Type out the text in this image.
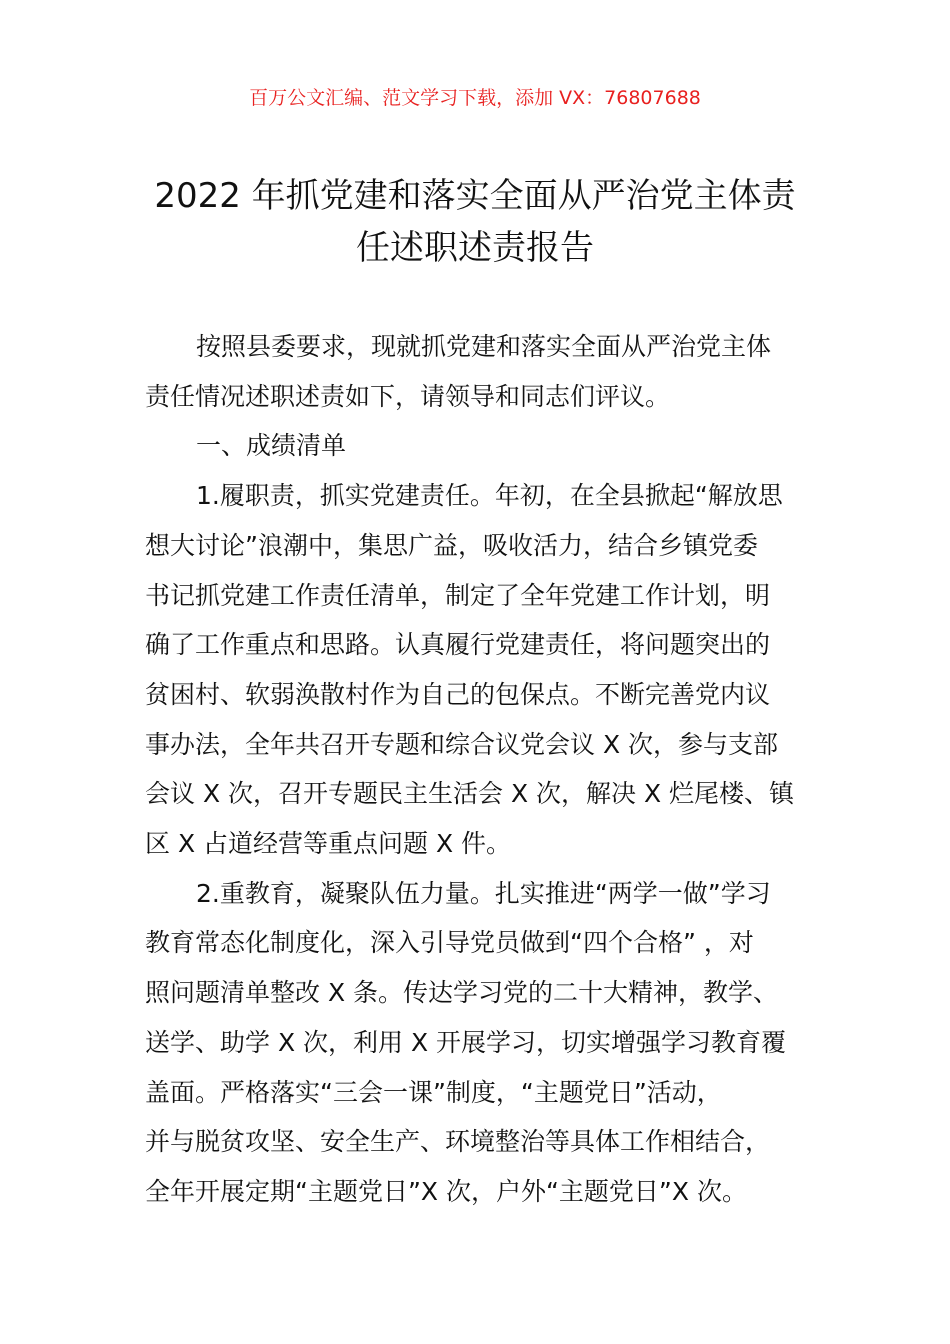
百万公文汇编、范文学习下载，添加 VX：76807688
2022 年抓党建和落实全面从严治党主体责
任述职述责报告
按照县委要求，现就抓党建和落实全面从严治党主体
责任情况述职述责如下，请领导和同志们评议。
一、成绩清单
1.履职责，抓实党建责任。年初，在全县掀起“解放思
想大讨论”浪潮中，集思广益，吸收活力，结合乡镇党委
书记抓党建工作责任清单，制定了全年党建工作计划，明
确了工作重点和思路。认真履行党建责任，将问题突出的
贫困村、软弱涣散村作为自己的包保点。不断完善党内议
事办法，全年共召开专题和综合议党会议 X 次，参与支部
会议 X 次，召开专题民主生活会 X 次，解决 X 烂尾楼、镇
区 X 占道经营等重点问题 X 件。
2.重教育，凝聚队伍力量。扎实推进“两学一做”学习
教育常态化制度化，深入引导党员做到“四个合格” ，对
照问题清单整改 X 条。传达学习党的二十大精神，教学、
送学、助学 X 次，利用 X 开展学习，切实增强学习教育覆
盖面。严格落实“三会一课”制度，“主题党日”活动，
并与脱贫攻坚、安全生产、环境整治等具体工作相结合，
全年开展定期“主题党日”X 次，户外“主题党日”X 次。
